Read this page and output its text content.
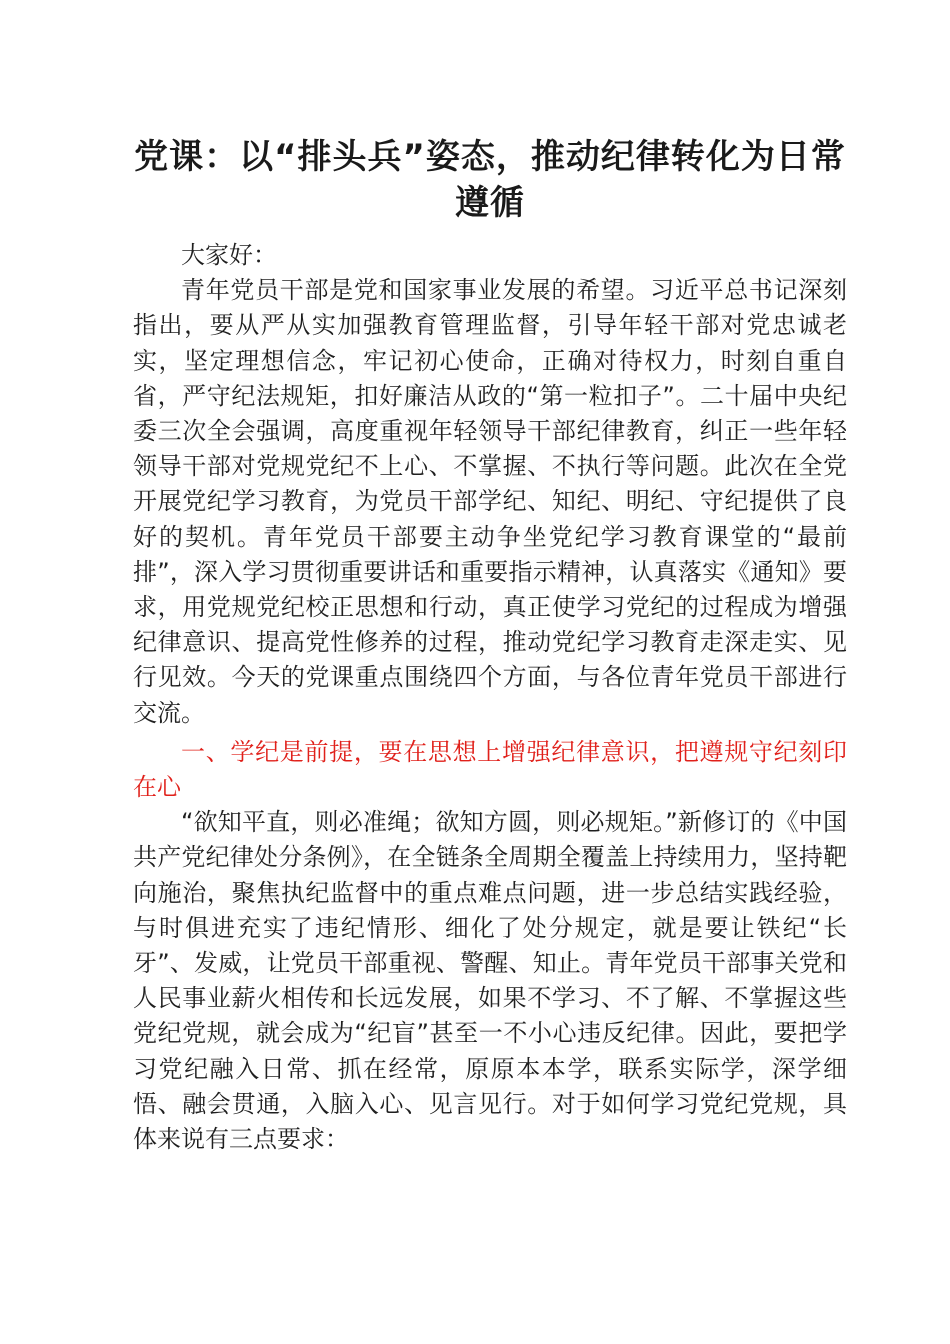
党课：以“排头兵”姿态，推动纪律转化为日常遵循

大家好：

青年党员干部是党和国家事业发展的希望。习近平总书记深刻指出，要从严从实加强教育管理监督，引导年轻干部对党忠诚老实，坚定理想信念，牢记初心使命，正确对待权力，时刻自重自省，严守纪法规矩，扣好廉洁从政的“第一粒扣子”。二十届中央纪委三次全会强调，高度重视年轻领导干部纪律教育，纠正一些年轻领导干部对党规党纪不上心、不掌握、不执行等问题。此次在全党开展党纪学习教育，为党员干部学纪、知纪、明纪、守纪提供了良好的契机。青年党员干部要主动争坐党纪学习教育课堂的“最前排”，深入学习贯彻重要讲话和重要指示精神，认真落实《通知》要求，用党规党纪校正思想和行动，真正使学习党纪的过程成为增强纪律意识、提高党性修养的过程，推动党纪学习教育走深走实、见行见效。今天的党课重点围绕四个方面，与各位青年党员干部进行交流。

一、学纪是前提，要在思想上增强纪律意识，把遵规守纪刻印在心

“欲知平直，则必准绳；欲知方圆，则必规矩。”新修订的《中国共产党纪律处分条例》，在全链条全周期全覆盖上持续用力，坚持靶向施治，聚焦执纪监督中的重点难点问题，进一步总结实践经验，与时俱进充实了违纪情形、细化了处分规定，就是要让铁纪“长牙”、发威，让党员干部重视、警醒、知止。青年党员干部事关党和人民事业薪火相传和长远发展，如果不学习、不了解、不掌握这些党纪党规，就会成为“纪盲”甚至一不小心违反纪律。因此，要把学习党纪融入日常、抓在经常，原原本本学，联系实际学，深学细悟、融会贯通，入脑入心、见言见行。对于如何学习党纪党规，具体来说有三点要求：
